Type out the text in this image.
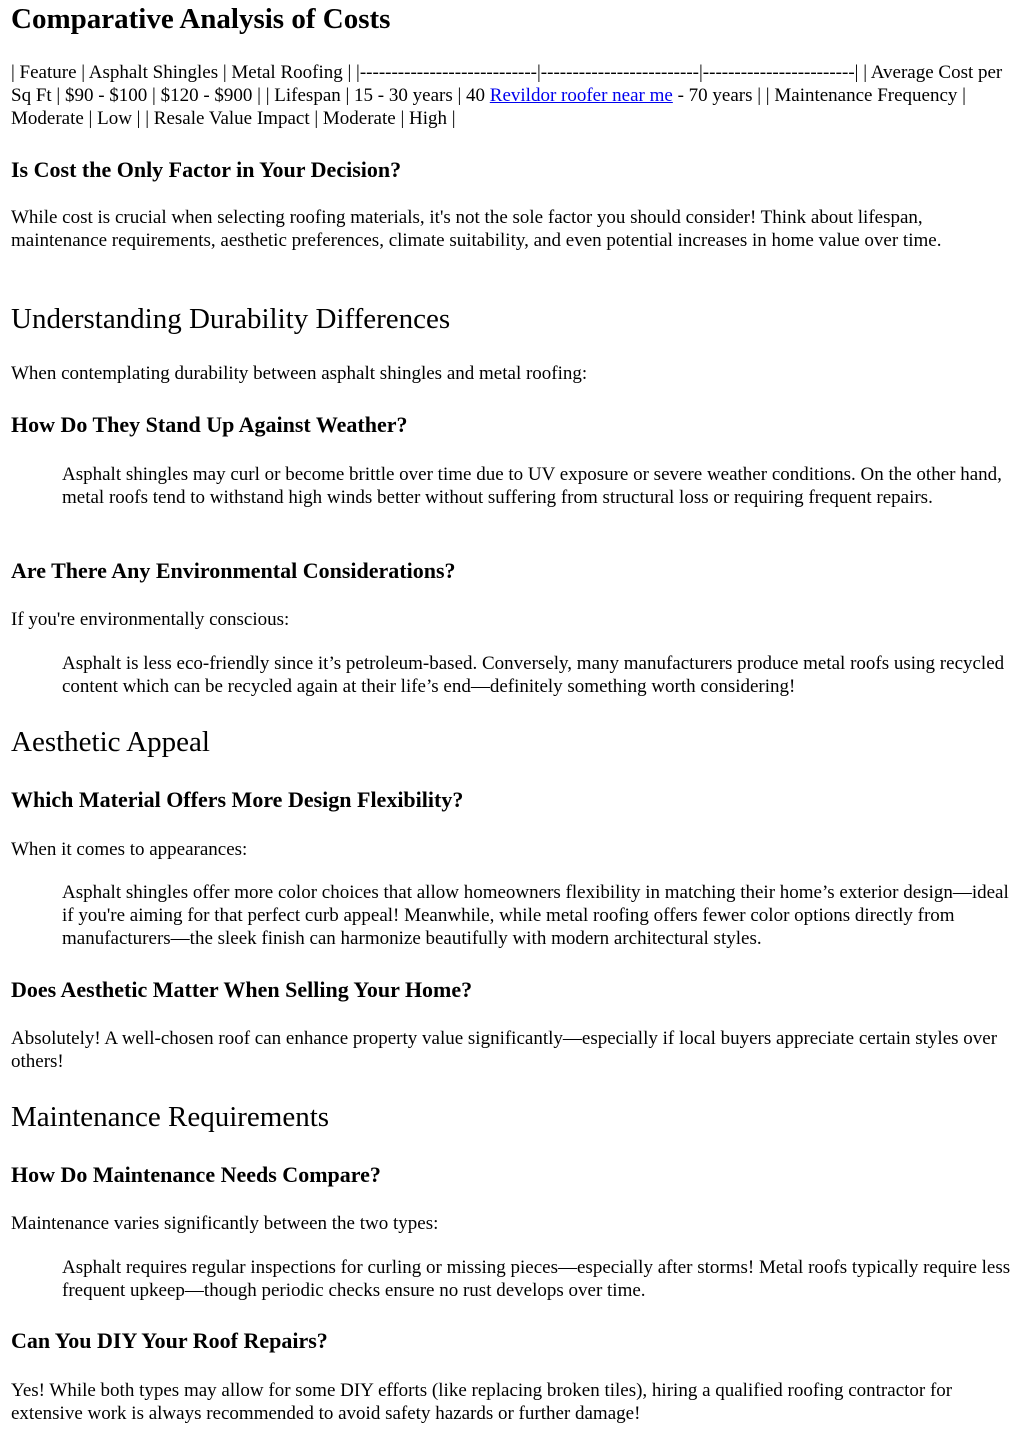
Comparative Analysis of Costs

| Feature | Asphalt Shingles | Metal Roofing | |----------------------------|-------------------------|------------------------| | Average Cost per Sq Ft | $90 - $100 | $120 - $900 | | Lifespan | 15 - 30 years | 40 Revildor roofer near me - 70 years | | Maintenance Frequency | Moderate | Low | | Resale Value Impact | Moderate | High |

Is Cost the Only Factor in Your Decision?

While cost is crucial when selecting roofing materials, it's not the sole factor you should consider! Think about lifespan, maintenance requirements, aesthetic preferences, climate suitability, and even potential increases in home value over time.

Understanding Durability Differences

When contemplating durability between asphalt shingles and metal roofing:

How Do They Stand Up Against Weather?

Asphalt shingles may curl or become brittle over time due to UV exposure or severe weather conditions. On the other hand, metal roofs tend to withstand high winds better without suffering from structural loss or requiring frequent repairs.

Are There Any Environmental Considerations?

If you're environmentally conscious:

Asphalt is less eco-friendly since it’s petroleum-based. Conversely, many manufacturers produce metal roofs using recycled content which can be recycled again at their life’s end—definitely something worth considering!

Aesthetic Appeal
Which Material Offers More Design Flexibility?

When it comes to appearances:

Asphalt shingles offer more color choices that allow homeowners flexibility in matching their home’s exterior design—ideal if you're aiming for that perfect curb appeal! Meanwhile, while metal roofing offers fewer color options directly from manufacturers—the sleek finish can harmonize beautifully with modern architectural styles.

Does Aesthetic Matter When Selling Your Home?

Absolutely! A well-chosen roof can enhance property value significantly—especially if local buyers appreciate certain styles over others!

Maintenance Requirements
How Do Maintenance Needs Compare?

Maintenance varies significantly between the two types:

Asphalt requires regular inspections for curling or missing pieces—especially after storms! Metal roofs typically require less frequent upkeep—though periodic checks ensure no rust develops over time.

Can You DIY Your Roof Repairs?

Yes! While both types may allow for some DIY efforts (like replacing broken tiles), hiring a qualified roofing contractor for extensive work is always recommended to avoid safety hazards or further damage!
